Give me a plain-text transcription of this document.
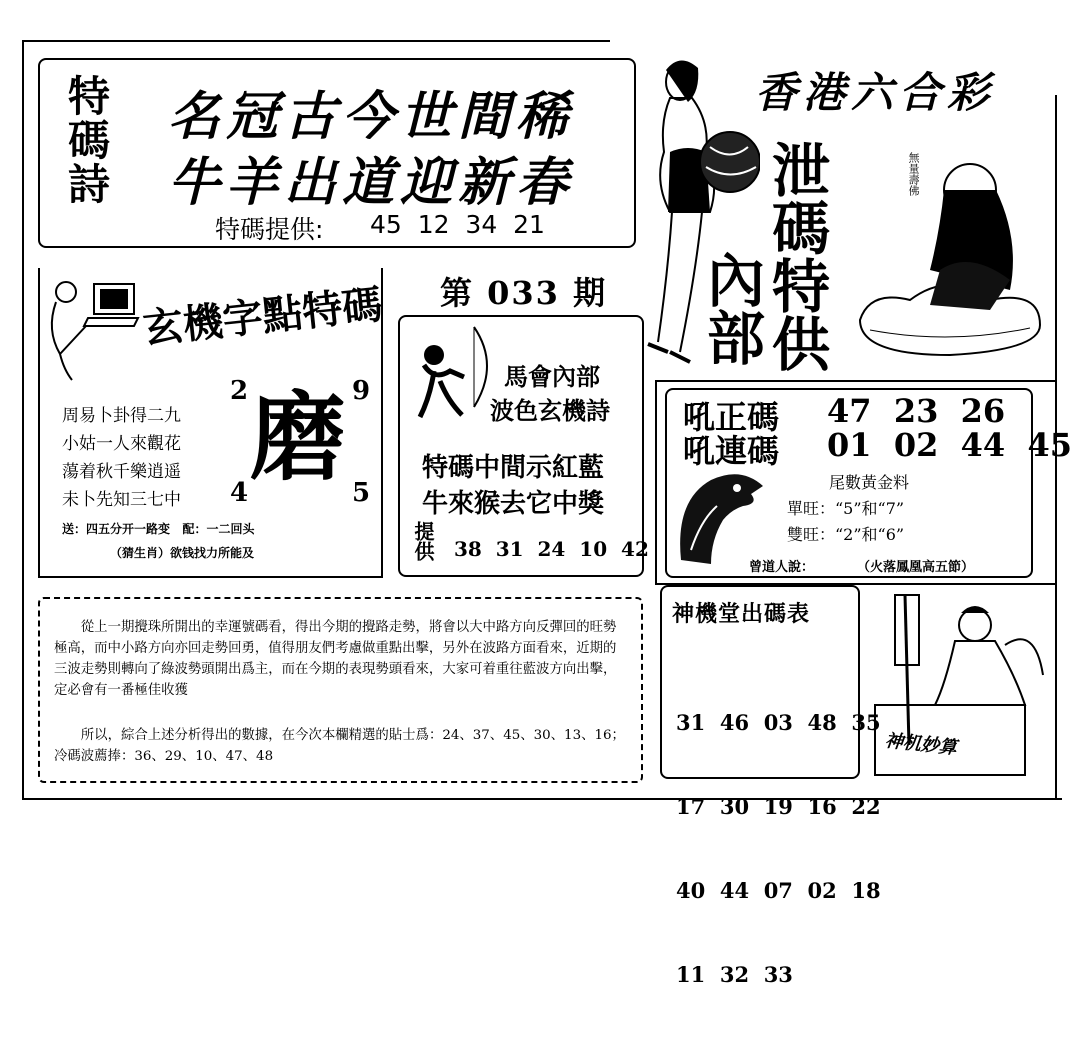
特碼詩 名冠古今世間稀
牛羊出道迎新春
特碼提供: 45  12  34  21
香港六合彩
泄碼特供
內部
無量壽佛
第 033 期
玄機字點特碼
2	9
4	5
磨
周易卜卦得二九
小姑一人來觀花
蕩着秋千樂逍遥
未卜先知三七中
送：四五分开一路变   配：一二回头
（猜生肖）欲钱找力所能及
馬會內部
波色玄機詩
特碼中間示紅藍
牛來猴去它中獎
提供 38  31  24  10  42
吼正碼 47  23  26
吼連碼 01  02  44  45
尾數黃金料
單旺：“5”和“7”
雙旺：“2”和“6”
曾道人說：	（火落鳳凰高五節）
從上一期攪珠所開出的幸運號碼看，得出今期的攪路走勢，將會以大中路方向反彈回的旺勢極高，而中小路方向亦回走勢回勇，值得朋友們考慮做重點出擊，另外在波路方面看來，近期的三波走勢則轉向了綠波勢頭開出爲主，而在今期的表現勢頭看來，大家可着重往藍波方向出擊，定必會有一番極佳收獲
所以，綜合上述分析得出的數據，在今次本欄精選的貼士爲：24、37、45、30、13、16；冷碼波薦捧：36、29、10、47、48
神機堂出碼表

31  46  03  48  35

17  30  19  16  22

40  44  07  02  18

11  32  33

神机妙算
